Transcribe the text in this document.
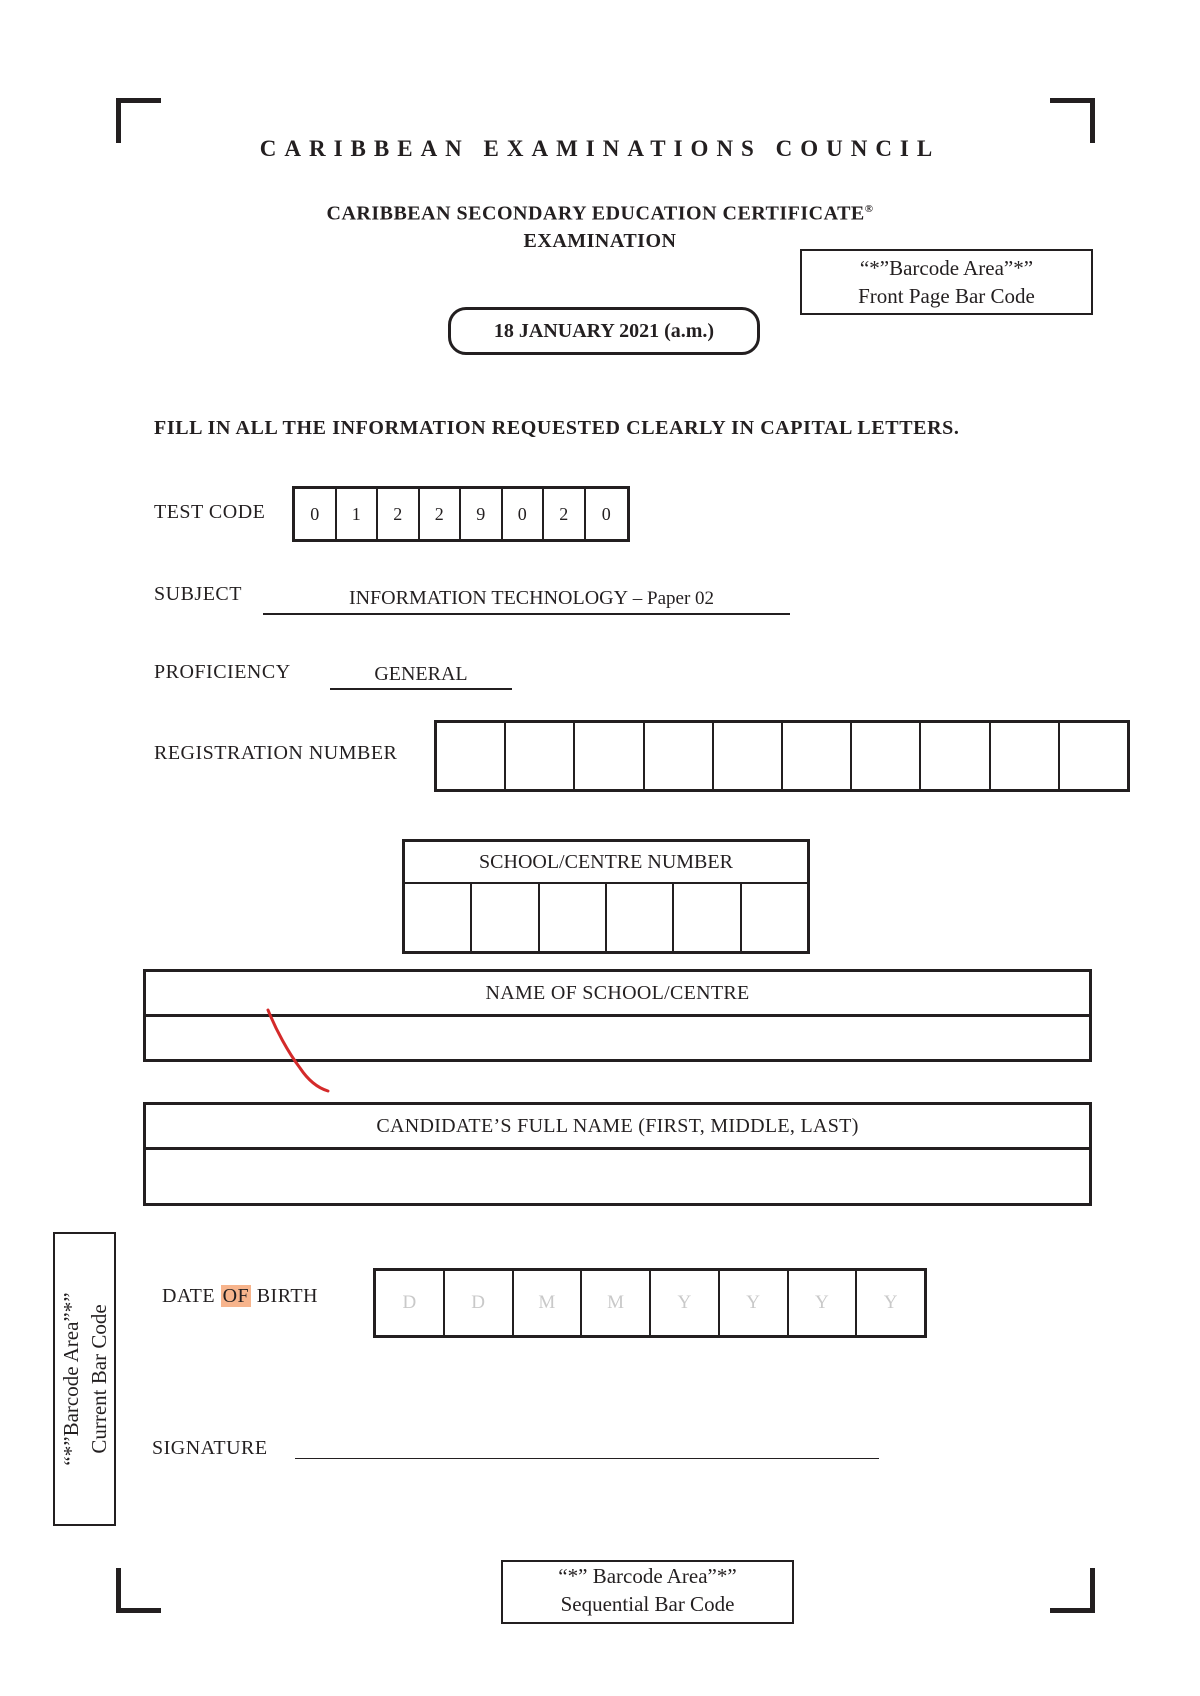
CARIBBEAN EXAMINATIONS COUNCIL
CARIBBEAN SECONDARY EDUCATION CERTIFICATE®
EXAMINATION
“*”Barcode Area”*”
Front Page Bar Code
18 JANUARY 2021 (a.m.)
FILL IN ALL THE INFORMATION REQUESTED CLEARLY IN CAPITAL LETTERS.
TEST CODE	0	1	2	2	9	0	2	0
SUBJECT	INFORMATION TECHNOLOGY – Paper 02
PROFICIENCY	GENERAL
REGISTRATION NUMBER
SCHOOL/CENTRE NUMBER
NAME OF SCHOOL/CENTRE
CANDIDATE’S FULL NAME (FIRST, MIDDLE, LAST)
DATE OF BIRTH	D	D	M	M	Y	Y	Y	Y
SIGNATURE
“*”Barcode Area”*” Current Bar Code
“*” Barcode Area”*”
Sequential Bar Code
